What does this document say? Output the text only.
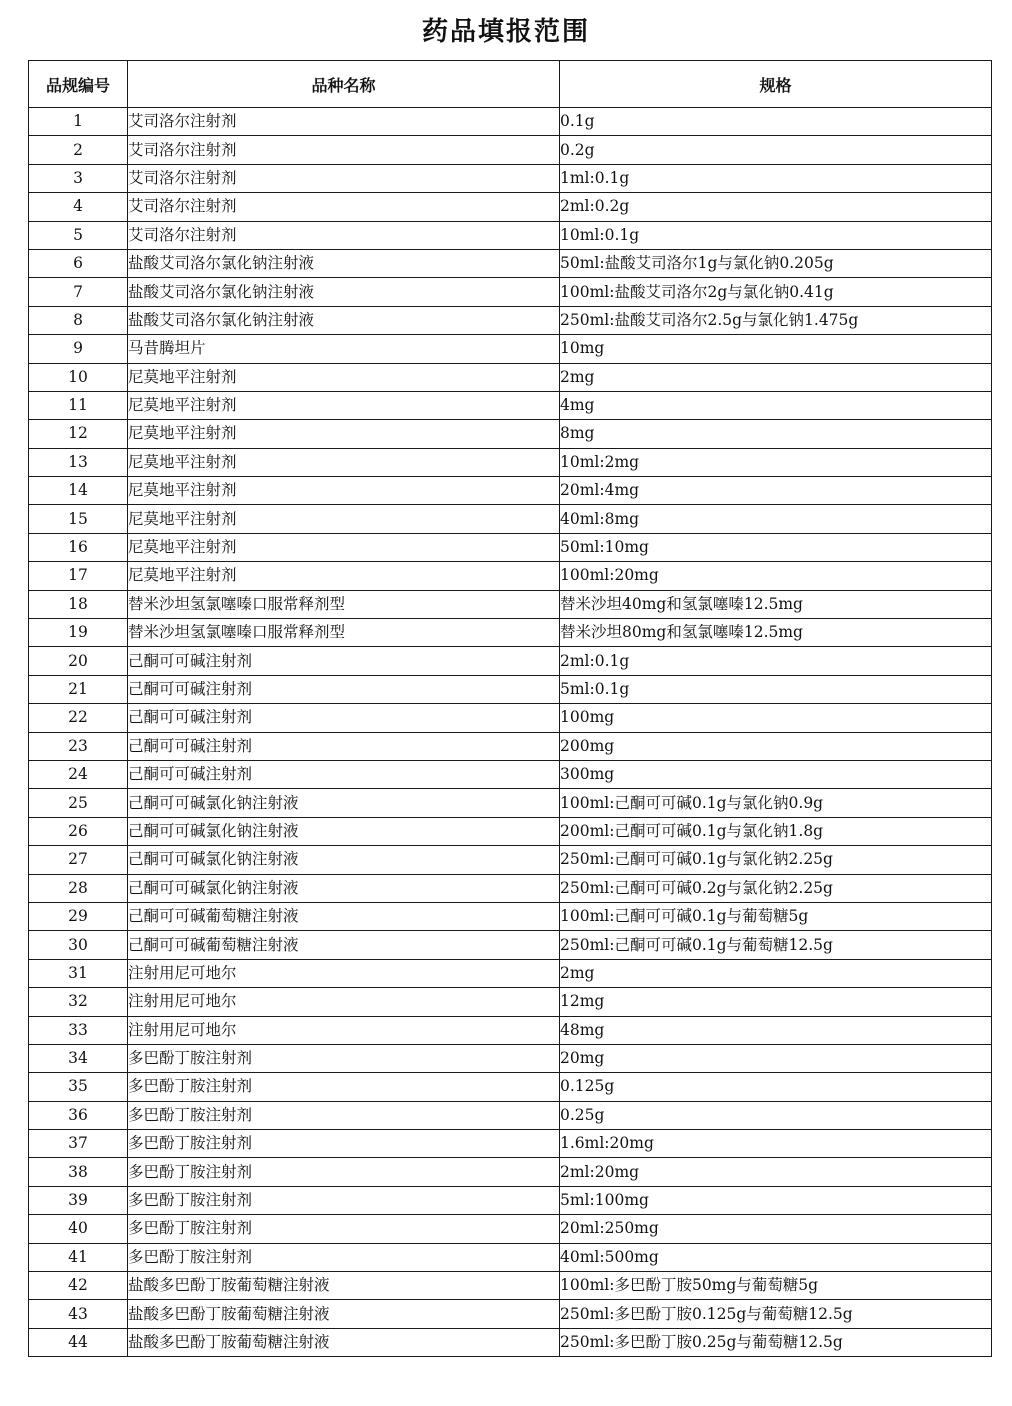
药品填报范围
品规编号	品种名称	规格
1	艾司洛尔注射剂	0.1g
2	艾司洛尔注射剂	0.2g
3	艾司洛尔注射剂	1ml:0.1g
4	艾司洛尔注射剂	2ml:0.2g
5	艾司洛尔注射剂	10ml:0.1g
6	盐酸艾司洛尔氯化钠注射液	50ml:盐酸艾司洛尔1g与氯化钠0.205g
7	盐酸艾司洛尔氯化钠注射液	100ml:盐酸艾司洛尔2g与氯化钠0.41g
8	盐酸艾司洛尔氯化钠注射液	250ml:盐酸艾司洛尔2.5g与氯化钠1.475g
9	马昔腾坦片	10mg
10	尼莫地平注射剂	2mg
11	尼莫地平注射剂	4mg
12	尼莫地平注射剂	8mg
13	尼莫地平注射剂	10ml:2mg
14	尼莫地平注射剂	20ml:4mg
15	尼莫地平注射剂	40ml:8mg
16	尼莫地平注射剂	50ml:10mg
17	尼莫地平注射剂	100ml:20mg
18	替米沙坦氢氯噻嗪口服常释剂型	替米沙坦40mg和氢氯噻嗪12.5mg
19	替米沙坦氢氯噻嗪口服常释剂型	替米沙坦80mg和氢氯噻嗪12.5mg
20	己酮可可碱注射剂	2ml:0.1g
21	己酮可可碱注射剂	5ml:0.1g
22	己酮可可碱注射剂	100mg
23	己酮可可碱注射剂	200mg
24	己酮可可碱注射剂	300mg
25	己酮可可碱氯化钠注射液	100ml:己酮可可碱0.1g与氯化钠0.9g
26	己酮可可碱氯化钠注射液	200ml:己酮可可碱0.1g与氯化钠1.8g
27	己酮可可碱氯化钠注射液	250ml:己酮可可碱0.1g与氯化钠2.25g
28	己酮可可碱氯化钠注射液	250ml:己酮可可碱0.2g与氯化钠2.25g
29	己酮可可碱葡萄糖注射液	100ml:己酮可可碱0.1g与葡萄糖5g
30	己酮可可碱葡萄糖注射液	250ml:己酮可可碱0.1g与葡萄糖12.5g
31	注射用尼可地尔	2mg
32	注射用尼可地尔	12mg
33	注射用尼可地尔	48mg
34	多巴酚丁胺注射剂	20mg
35	多巴酚丁胺注射剂	0.125g
36	多巴酚丁胺注射剂	0.25g
37	多巴酚丁胺注射剂	1.6ml:20mg
38	多巴酚丁胺注射剂	2ml:20mg
39	多巴酚丁胺注射剂	5ml:100mg
40	多巴酚丁胺注射剂	20ml:250mg
41	多巴酚丁胺注射剂	40ml:500mg
42	盐酸多巴酚丁胺葡萄糖注射液	100ml:多巴酚丁胺50mg与葡萄糖5g
43	盐酸多巴酚丁胺葡萄糖注射液	250ml:多巴酚丁胺0.125g与葡萄糖12.5g
44	盐酸多巴酚丁胺葡萄糖注射液	250ml:多巴酚丁胺0.25g与葡萄糖12.5g
